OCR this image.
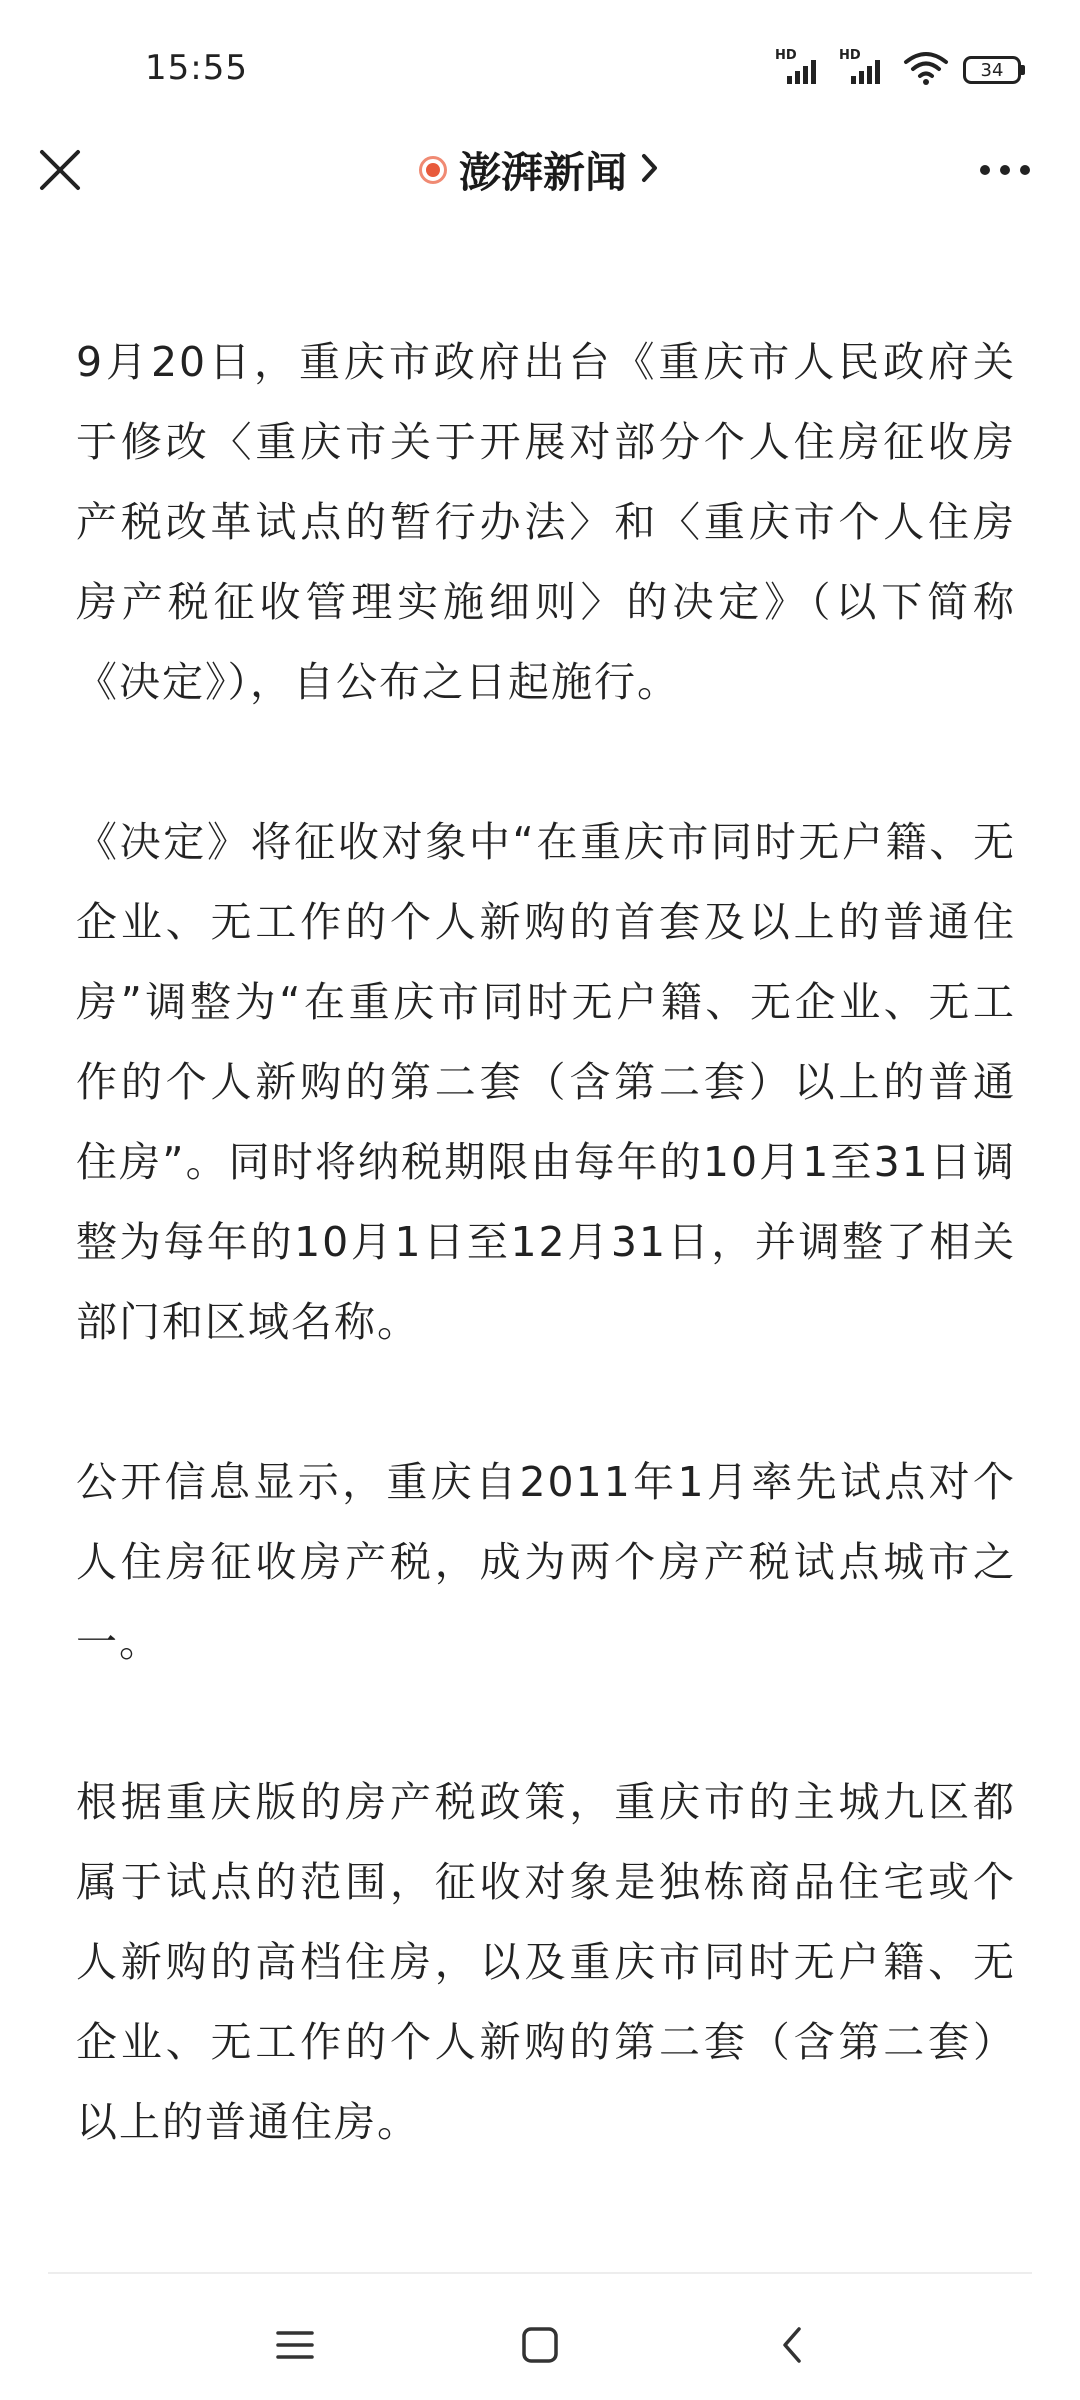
15:55	HD	HD
34
澎湃新闻

9月20日，重庆市政府出台《重庆市人民政府关于修改〈重庆市关于开展对部分个人住房征收房产税改革试点的暂行办法〉和〈重庆市个人住房房产税征收管理实施细则〉的决定》（以下简称《决定》），自公布之日起施行。

《决定》将征收对象中“在重庆市同时无户籍、无企业、无工作的个人新购的首套及以上的普通住房”调整为“在重庆市同时无户籍、无企业、无工作的个人新购的第二套（含第二套）以上的普通住房”。同时将纳税期限由每年的10月1至31日调整为每年的10月1日至12月31日，并调整了相关部门和区域名称。

公开信息显示，重庆自2011年1月率先试点对个人住房征收房产税，成为两个房产税试点城市之一。

根据重庆版的房产税政策，重庆市的主城九区都属于试点的范围，征收对象是独栋商品住宅或个人新购的高档住房，以及重庆市同时无户籍、无企业、无工作的个人新购的第二套（含第二套）以上的普通住房。
